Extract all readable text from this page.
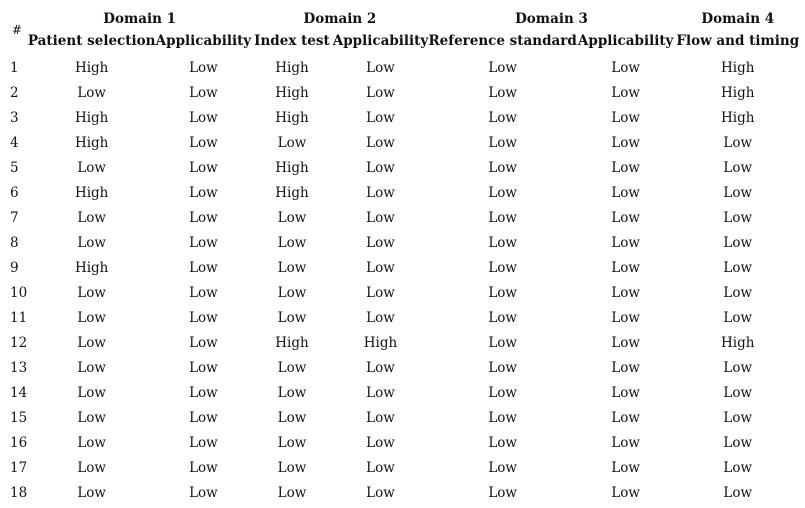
#	Domain 1		Domain 2		Domain 3		Domain 4
	Patient selection	Applicability	Index test	Applicability	Reference standard	Applicability	Flow and timing
1	High	Low	High	Low	Low	Low	High
2	Low	Low	High	Low	Low	Low	High
3	High	Low	High	Low	Low	Low	High
4	High	Low	Low	Low	Low	Low	Low
5	Low	Low	High	Low	Low	Low	Low
6	High	Low	High	Low	Low	Low	Low
7	Low	Low	Low	Low	Low	Low	Low
8	Low	Low	Low	Low	Low	Low	Low
9	High	Low	Low	Low	Low	Low	Low
10	Low	Low	Low	Low	Low	Low	Low
11	Low	Low	Low	Low	Low	Low	Low
12	Low	Low	High	High	Low	Low	High
13	Low	Low	Low	Low	Low	Low	Low
14	Low	Low	Low	Low	Low	Low	Low
15	Low	Low	Low	Low	Low	Low	Low
16	Low	Low	Low	Low	Low	Low	Low
17	Low	Low	Low	Low	Low	Low	Low
18	Low	Low	Low	Low	Low	Low	Low
